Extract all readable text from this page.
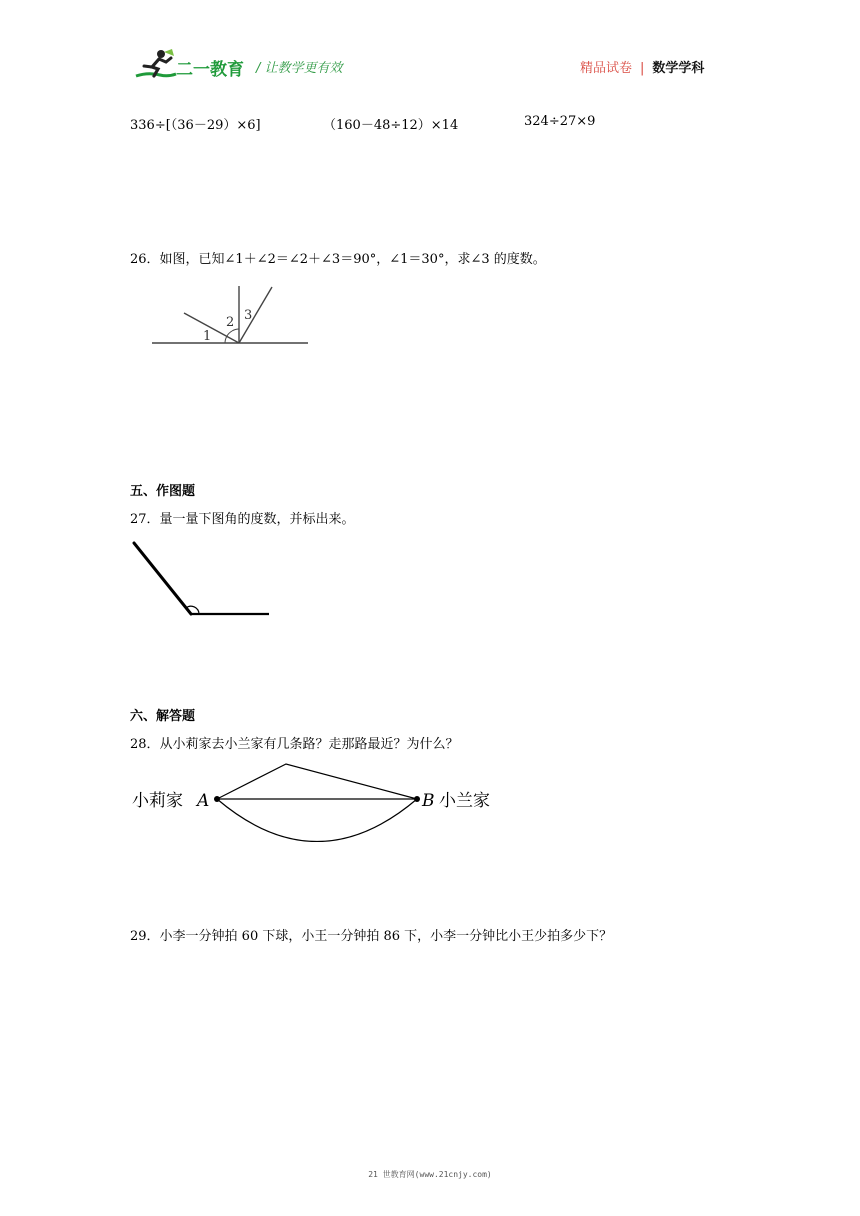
二一教育 / 让教学更有效	精品试卷 | 数学学科
336÷[（36－29）×6]	（160－48÷12）×14	324÷27×9
26．如图，已知∠1＋∠2＝∠2＋∠3＝90°，∠1＝30°，求∠3 的度数。
1
2 3
五、作图题
27．量一量下图角的度数，并标出来。
六、解答题
28．从小莉家去小兰家有几条路？走那路最近？为什么？
小莉家 A	B 小兰家
29．小李一分钟拍 60 下球，小王一分钟拍 86 下，小李一分钟比小王少拍多少下？
21 世教育网(www.21cnjy.com)
